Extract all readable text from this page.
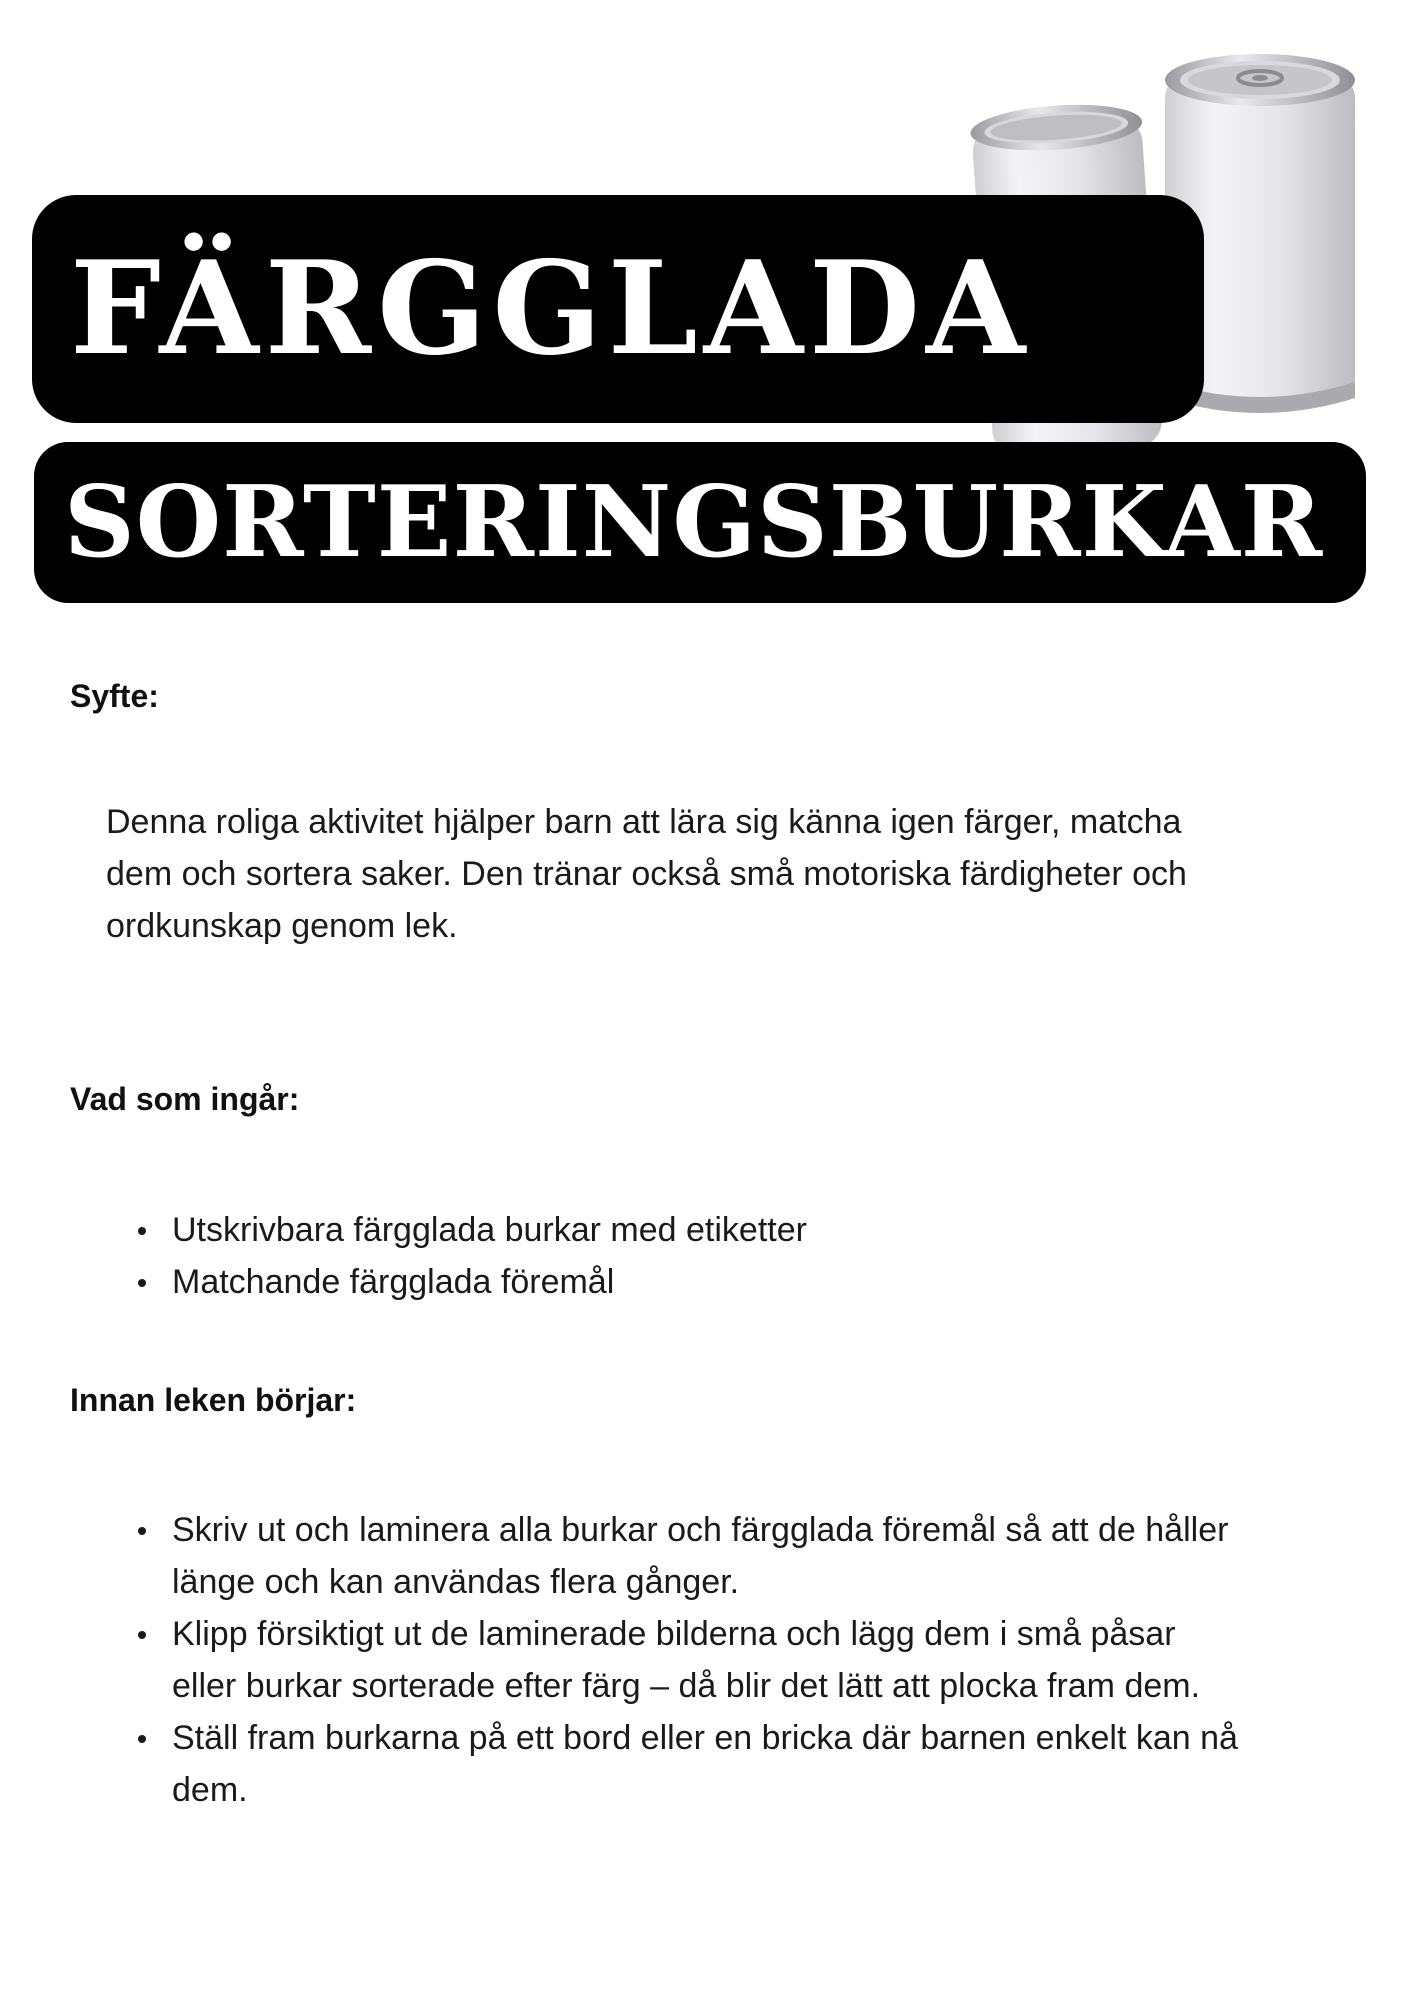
FÄRGGLADA
SORTERINGSBURKAR
Syfte:

Denna roliga aktivitet hjälper barn att lära sig känna igen färger, matcha dem och sortera saker. Den tränar också små motoriska färdigheter och ordkunskap genom lek.

Vad som ingår:
Utskrivbara färgglada burkar med etiketter
Matchande färgglada föremål
Innan leken börjar:
Skriv ut och laminera alla burkar och färgglada föremål så att de håller länge och kan användas flera gånger.
Klipp försiktigt ut de laminerade bilderna och lägg dem i små påsar eller burkar sorterade efter färg – då blir det lätt att plocka fram dem.
Ställ fram burkarna på ett bord eller en bricka där barnen enkelt kan nå dem.
